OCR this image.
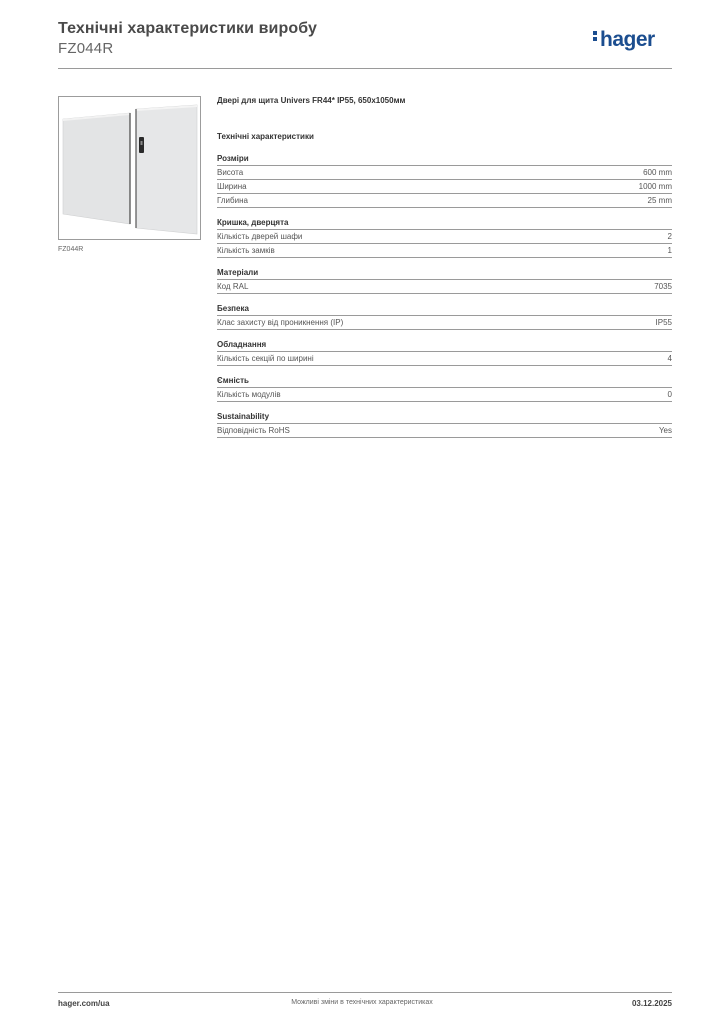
Технічні характеристики виробу
FZ044R	hager
FZ044R
Двері для щита Univers FR44* IP55, 650x1050мм
Технічні характеристики
Розміри
Висота	600 mm
Ширина	1000 mm
Глибина	25 mm
Кришка, дверцята
Кількість дверей шафи	2
Кількість замків	1
Матеріали
Код RAL	7035
Безпека
Клас захисту від проникнення (IP)	IP55
Обладнання
Кількість секцій по ширині	4
Ємність
Кількість модулів	0
Sustainability
Відповідність RoHS	Yes
hager.com/ua	Можливі зміни в технічних характеристиках	03.12.2025
